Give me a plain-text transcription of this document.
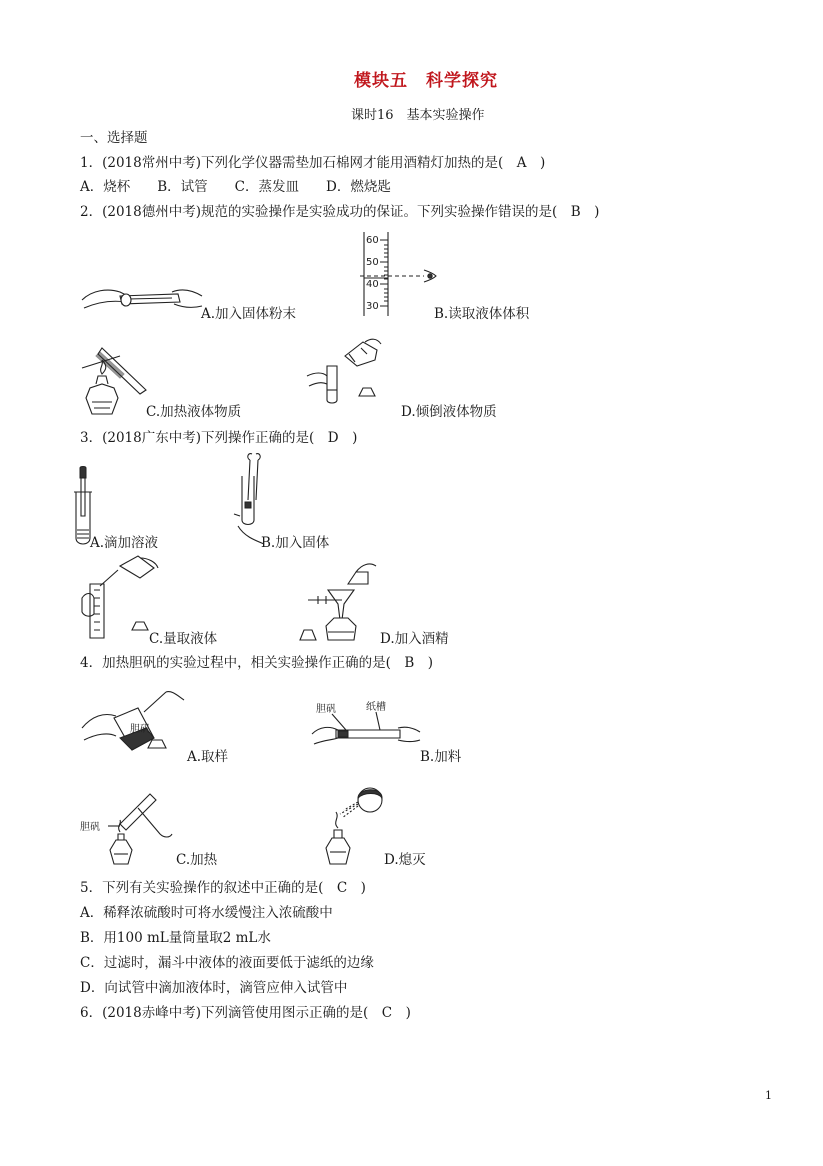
模块五　科学探究
课时16　基本实验操作
一、选择题
1．(2018常州中考)下列化学仪器需垫加石棉网才能用酒精灯加热的是(　A　)
A．烧杯　　B．试管　　C．蒸发皿　　D．燃烧匙
2．(2018德州中考)规范的实验操作是实验成功的保证。下列实验操作错误的是(　B　)
A.加入固体粉末
60
50
40
30	B.读取液体体积
C.加热液体物质	D.倾倒液体物质
3．(2018广东中考)下列操作正确的是(　D　)
A.滴加溶液	B.加入固体
C.量取液体	D.加入酒精
4．加热胆矾的实验过程中，相关实验操作正确的是(　B　)
胆矾
A.取样
胆矾	纸槽
B.加料
胆矾
C.加热	D.熄灭
5．下列有关实验操作的叙述中正确的是(　C　)
A．稀释浓硫酸时可将水缓慢注入浓硫酸中
B．用100 mL量筒量取2 mL水
C．过滤时，漏斗中液体的液面要低于滤纸的边缘
D．向试管中滴加液体时，滴管应伸入试管中
6．(2018赤峰中考)下列滴管使用图示正确的是(　C　)
1
